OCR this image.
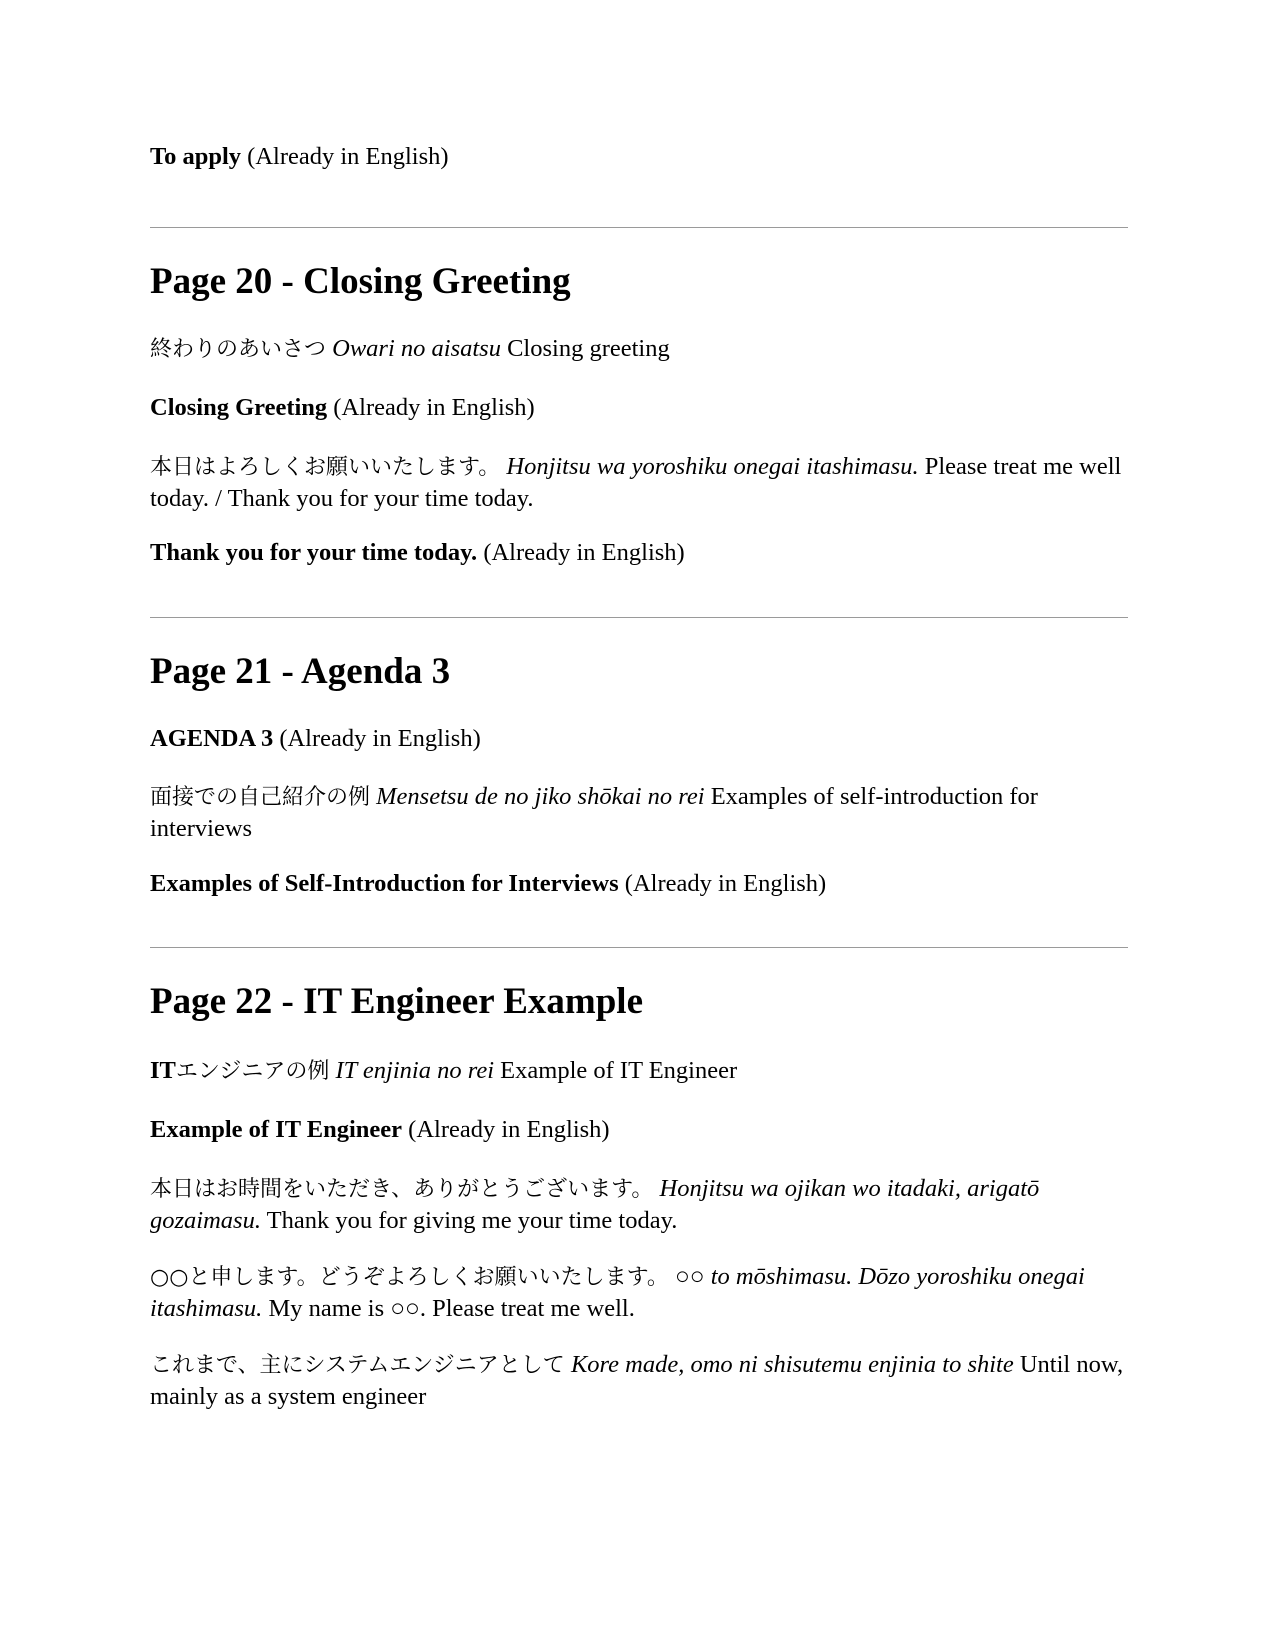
To apply (Already in English)

Page 20 - Closing Greeting

終わりのあいさつ Owari no aisatsu Closing greeting

Closing Greeting (Already in English)

本日はよろしくお願いいたします。 Honjitsu wa yoroshiku onegai itashimasu. Please treat me well today. / Thank you for your time today.

Thank you for your time today. (Already in English)

Page 21 - Agenda 3

AGENDA 3 (Already in English)

面接での自己紹介の例 Mensetsu de no jiko shōkai no rei Examples of self-introduction for interviews

Examples of Self-Introduction for Interviews (Already in English)

Page 22 - IT Engineer Example

ITエンジニアの例 IT enjinia no rei Example of IT Engineer

Example of IT Engineer (Already in English)

本日はお時間をいただき、ありがとうございます。 Honjitsu wa ojikan wo itadaki, arigatō gozaimasu. Thank you for giving me your time today.

○○と申します。どうぞよろしくお願いいたします。 ○○ to mōshimasu. Dōzo yoroshiku onegai itashimasu. My name is ○○. Please treat me well.

これまで、主にシステムエンジニアとして Kore made, omo ni shisutemu enjinia to shite Until now, mainly as a system engineer
